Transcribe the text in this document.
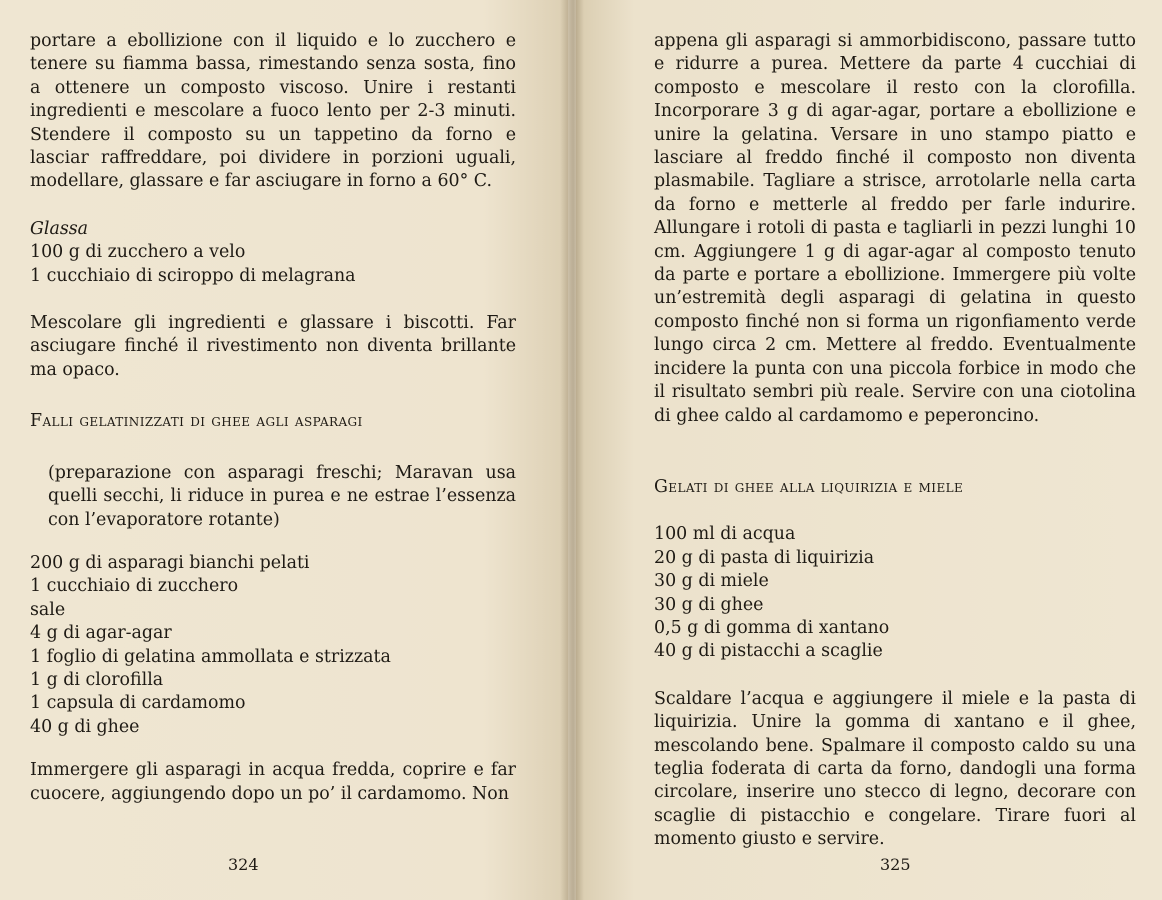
portare a ebollizione con il liquido e lo zucchero e tenere su fiamma bassa, rimestando senza sosta, fino a ottenere un composto viscoso. Unire i restanti ingredienti e mescolare a fuoco lento per 2-3 minuti. Stendere il composto su un tappetino da forno e lasciar raffreddare, poi dividere in porzioni uguali, modellare, glassare e far asciugare in forno a 60° C.

Glassa

100 g di zucchero a velo
1 cucchiaio di sciroppo di melagrana

Mescolare gli ingredienti e glassare i biscotti. Far asciugare finché il rivestimento non diventa brillante ma opaco.

Falli gelatinizzati di ghee agli asparagi

(preparazione con asparagi freschi; Maravan usa quelli secchi, li riduce in purea e ne estrae l’essenza con l’evaporatore rotante)

200 g di asparagi bianchi pelati
1 cucchiaio di zucchero
sale
4 g di agar-agar
1 foglio di gelatina ammollata e strizzata
1 g di clorofilla
1 capsula di cardamomo
40 g di ghee

Immergere gli asparagi in acqua fredda, coprire e far cuocere, aggiungendo dopo un po’ il cardamomo. Non

324

appena gli asparagi si ammorbidiscono, passare tutto e ridurre a purea. Mettere da parte 4 cucchiai di composto e mescolare il resto con la clorofilla. Incorporare 3 g di agar-agar, portare a ebollizione e unire la gelatina. Versare in uno stampo piatto e lasciare al freddo finché il composto non diventa plasmabile. Tagliare a strisce, arrotolarle nella carta da forno e metterle al freddo per farle indurire. Allungare i rotoli di pasta e tagliarli in pezzi lunghi 10 cm. Aggiungere 1 g di agar-agar al composto tenuto da parte e portare a ebollizione. Immergere più volte un’estremità degli asparagi di gelatina in questo composto finché non si forma un rigonfiamento verde lungo circa 2 cm. Mettere al freddo. Eventualmente incidere la punta con una piccola forbice in modo che il risultato sembri più reale. Servire con una ciotolina di ghee caldo al cardamomo e peperoncino.

Gelati di ghee alla liquirizia e miele

100 ml di acqua
20 g di pasta di liquirizia
30 g di miele
30 g di ghee
0,5 g di gomma di xantano
40 g di pistacchi a scaglie

Scaldare l’acqua e aggiungere il miele e la pasta di liquirizia. Unire la gomma di xantano e il ghee, mescolando bene. Spalmare il composto caldo su una teglia foderata di carta da forno, dandogli una forma circolare, inserire uno stecco di legno, decorare con scaglie di pistacchio e congelare. Tirare fuori al momento giusto e servire.

325
